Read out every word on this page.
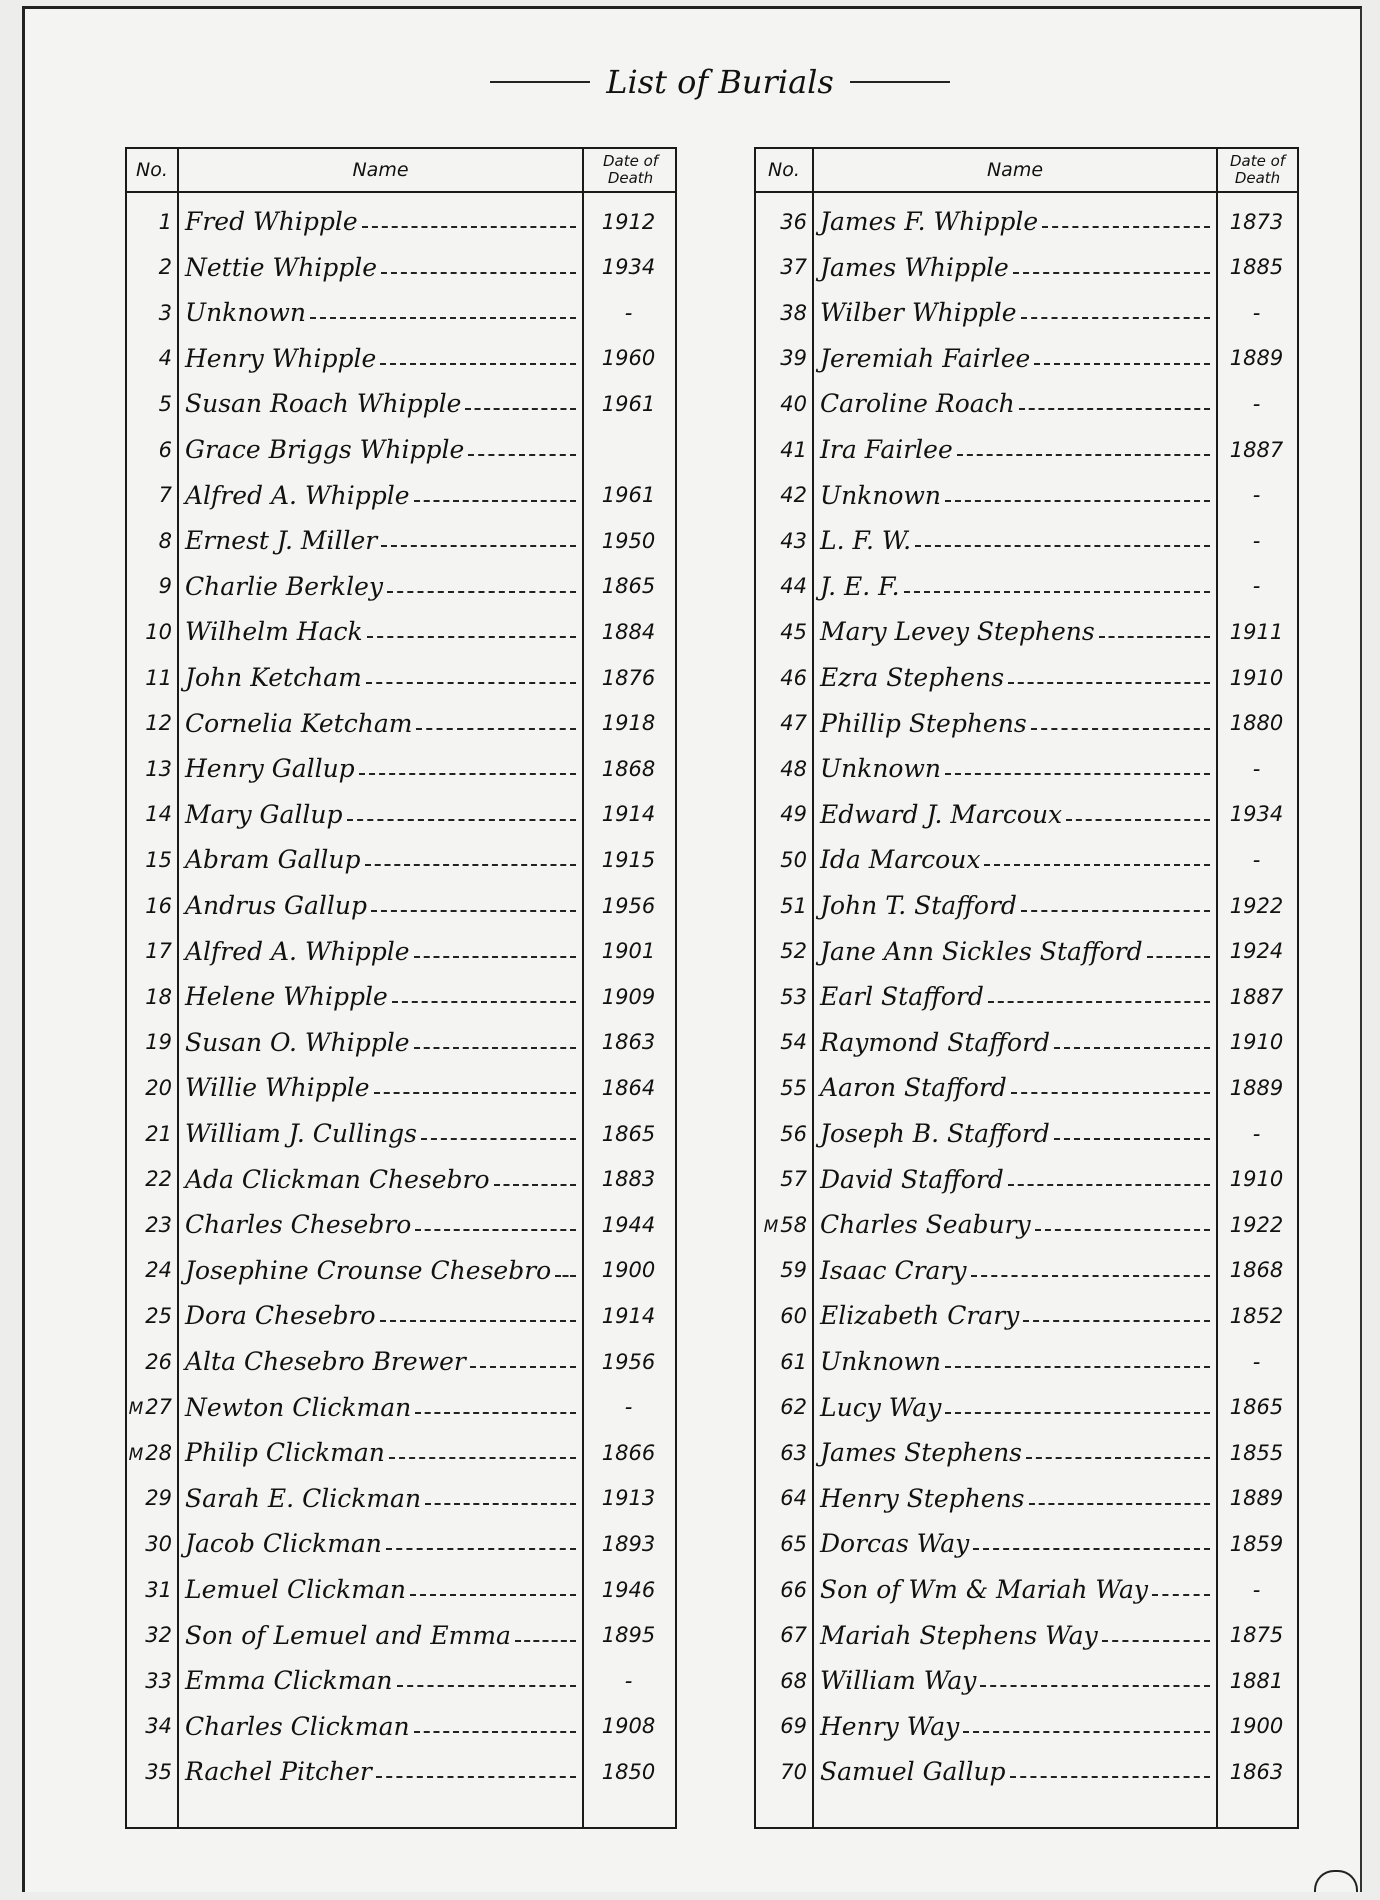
List of Burials
No.	Name	Date of
Death
1 Fred Whipple	1912
2 Nettie Whipple	1934
3 Unknown	-
4 Henry Whipple	1960
5 Susan Roach Whipple	1961
6 Grace Briggs Whipple
7 Alfred A. Whipple	1961
8 Ernest J. Miller	1950
9 Charlie Berkley	1865
10 Wilhelm Hack	1884
11 John Ketcham	1876
12 Cornelia Ketcham	1918
13 Henry Gallup	1868
14 Mary Gallup	1914
15 Abram Gallup	1915
16 Andrus Gallup	1956
17 Alfred A. Whipple	1901
18 Helene Whipple	1909
19 Susan O. Whipple	1863
20 Willie Whipple	1864
21 William J. Cullings	1865
22 Ada Clickman Chesebro	1883
23 Charles Chesebro	1944
24 Josephine Crounse Chesebro	1900
25 Dora Chesebro	1914
26 Alta Chesebro Brewer	1956
M27 Newton Clickman	-
M28 Philip Clickman	1866
29 Sarah E. Clickman	1913
30 Jacob Clickman	1893
31 Lemuel Clickman	1946
32 Son of Lemuel and Emma	1895
33 Emma Clickman	-
34 Charles Clickman	1908
35 Rachel Pitcher	1850
No.	Name	Date of
Death
36 James F. Whipple	1873
37 James Whipple	1885
38 Wilber Whipple	-
39 Jeremiah Fairlee	1889
40 Caroline Roach	-
41 Ira Fairlee	1887
42 Unknown	-
43 L. F. W.	-
44 J. E. F.	-
45 Mary Levey Stephens	1911
46 Ezra Stephens	1910
47 Phillip Stephens	1880
48 Unknown	-
49 Edward J. Marcoux	1934
50 Ida Marcoux	-
51 John T. Stafford	1922
52 Jane Ann Sickles Stafford	1924
53 Earl Stafford	1887
54 Raymond Stafford	1910
55 Aaron Stafford	1889
56 Joseph B. Stafford	-
57 David Stafford	1910
M58 Charles Seabury	1922
59 Isaac Crary	1868
60 Elizabeth Crary	1852
61 Unknown	-
62 Lucy Way	1865
63 James Stephens	1855
64 Henry Stephens	1889
65 Dorcas Way	1859
66 Son of Wm & Mariah Way	-
67 Mariah Stephens Way	1875
68 William Way	1881
69 Henry Way	1900
70 Samuel Gallup	1863
